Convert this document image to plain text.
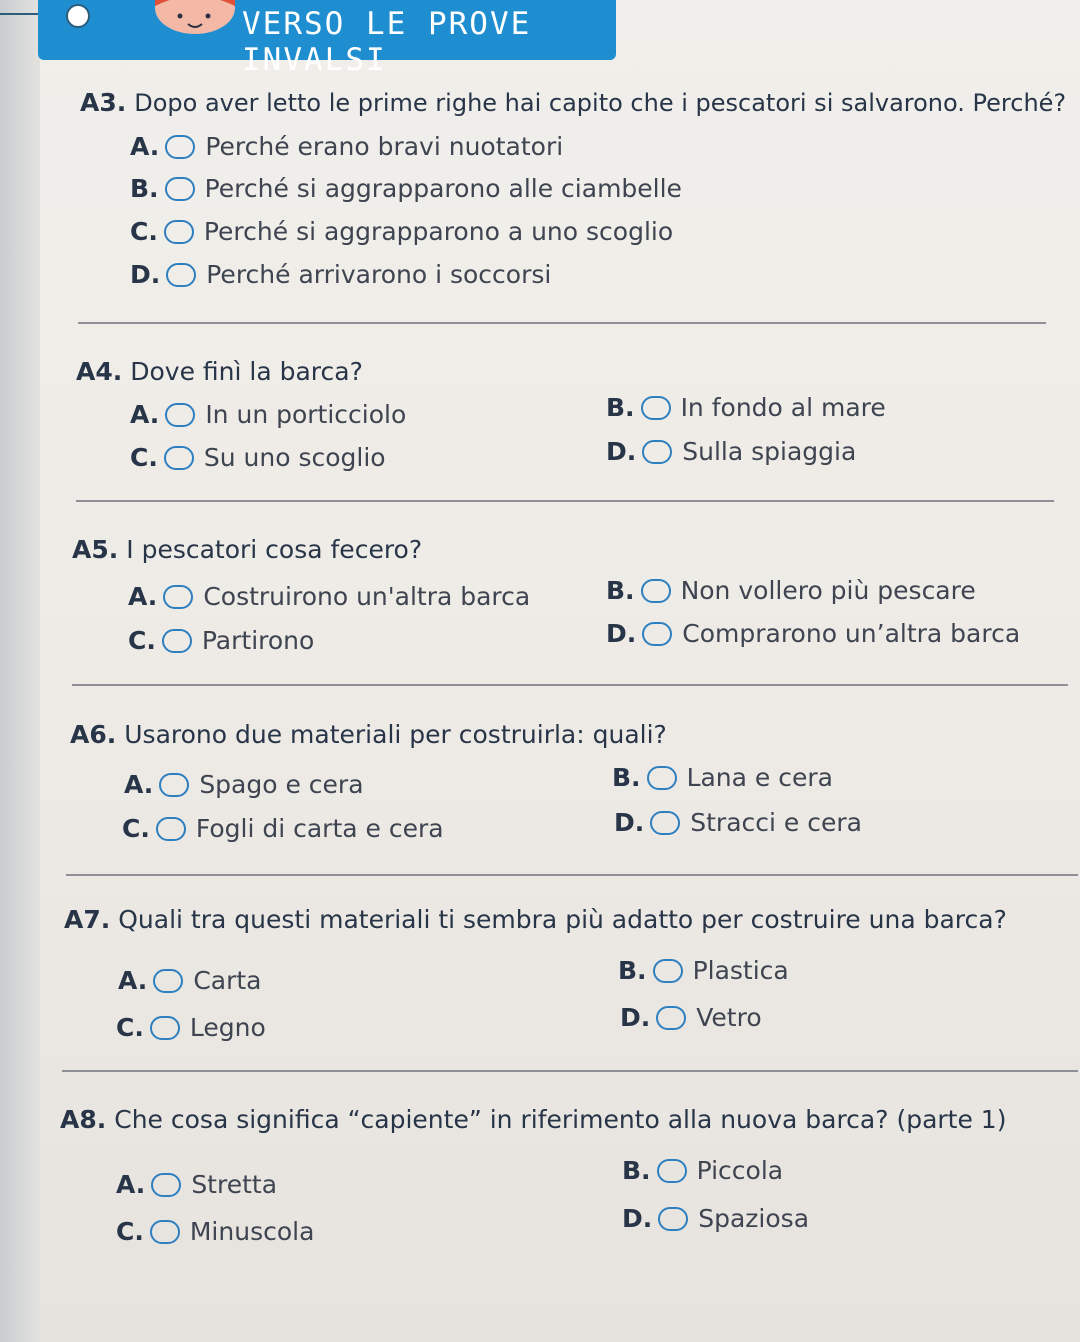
VERSO LE PROVE INVALSI
A3. Dopo aver letto le prime righe hai capito che i pescatori si salvarono. Perché?
A. Perché erano bravi nuotatori
B. Perché si aggrapparono alle ciambelle
C. Perché si aggrapparono a uno scoglio
D. Perché arrivarono i soccorsi
A4. Dove finì la barca?
A. In un porticciolo	B. In fondo al mare
C. Su uno scoglio	D. Sulla spiaggia
A5. I pescatori cosa fecero?
A. Costruirono un'altra barca	B. Non vollero più pescare
C. Partirono	D. Comprarono un’altra barca
A6. Usarono due materiali per costruirla: quali?
A. Spago e cera	B. Lana e cera
C. Fogli di carta e cera	D. Stracci e cera
A7. Quali tra questi materiali ti sembra più adatto per costruire una barca?
A. Carta	B. Plastica
C. Legno	D. Vetro
A8. Che cosa significa “capiente” in riferimento alla nuova barca? (parte 1)
A. Stretta	B. Piccola
C. Minuscola	D. Spaziosa
